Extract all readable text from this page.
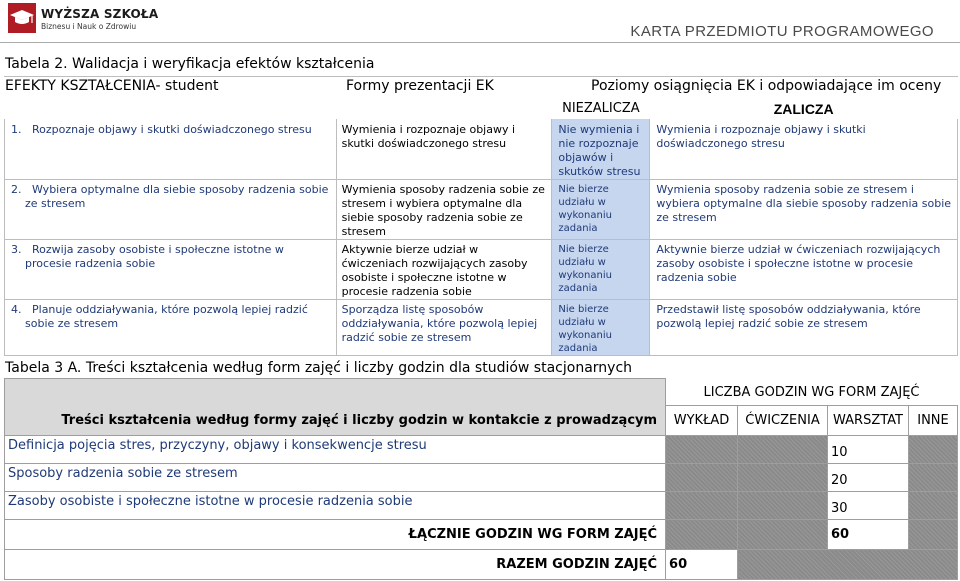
WYŻSZA SZKOŁA
Biznesu i Nauk o Zdrowiu	KARTA PRZEDMIOTU PROGRAMOWEGO
Tabela 2. Walidacja i weryfikacja efektów kształcenia
EFEKTY KSZTAŁCENIA- student	Formy prezentacji EK	Poziomy osiągnięcia EK i odpowiadające im oceny
		NIEZALICZA	ZALICZA

1. Rozpoznaje objawy i skutki doświadczonego stresu	Wymienia i rozpoznaje objawy i skutki doświadczonego stresu	Nie wymienia i nie rozpoznaje objawów i skutków stresu	Wymienia i rozpoznaje objawy i skutki doświadczonego stresu

2. Wybiera optymalne dla siebie sposoby radzenia sobie ze stresem	Wymienia sposoby radzenia sobie ze stresem i wybiera optymalne dla siebie sposoby radzenia sobie ze stresem	Nie bierze udziału w wykonaniu zadania	Wymienia sposoby radzenia sobie ze stresem i wybiera optymalne dla siebie sposoby radzenia sobie ze stresem

3. Rozwija zasoby osobiste i społeczne istotne w procesie radzenia sobie	Aktywnie bierze udział w ćwiczeniach rozwijających zasoby osobiste i społeczne istotne w procesie radzenia sobie	Nie bierze udziału w wykonaniu zadania	Aktywnie bierze udział w ćwiczeniach rozwijających zasoby osobiste i społeczne istotne w procesie radzenia sobie

4. Planuje oddziaływania, które pozwolą lepiej radzić sobie ze stresem	Sporządza listę sposobów oddziaływania, które pozwolą lepiej radzić sobie ze stresem	Nie bierze udziału w wykonaniu zadania	Przedstawił listę sposobów oddziaływania, które pozwolą lepiej radzić sobie ze stresem
Tabela 3 A. Treści kształcenia według form zajęć i liczby godzin dla studiów stacjonarnych
Treści kształcenia według formy zajęć i liczby godzin w kontakcie z prowadzącym	LICZBA GODZIN WG FORM ZAJĘĆ			
	WYKŁAD	ĆWICZENIA	WARSZTAT	INNE
Definicja pojęcia stres, przyczyny, objawy i konsekwencje stresu			10	
Sposoby radzenia sobie ze stresem			20	
Zasoby osobiste i społeczne istotne w procesie radzenia sobie			30	
ŁĄCZNIE GODZIN WG FORM ZAJĘĆ			60	
RAZEM GODZIN ZAJĘĆ	60			
